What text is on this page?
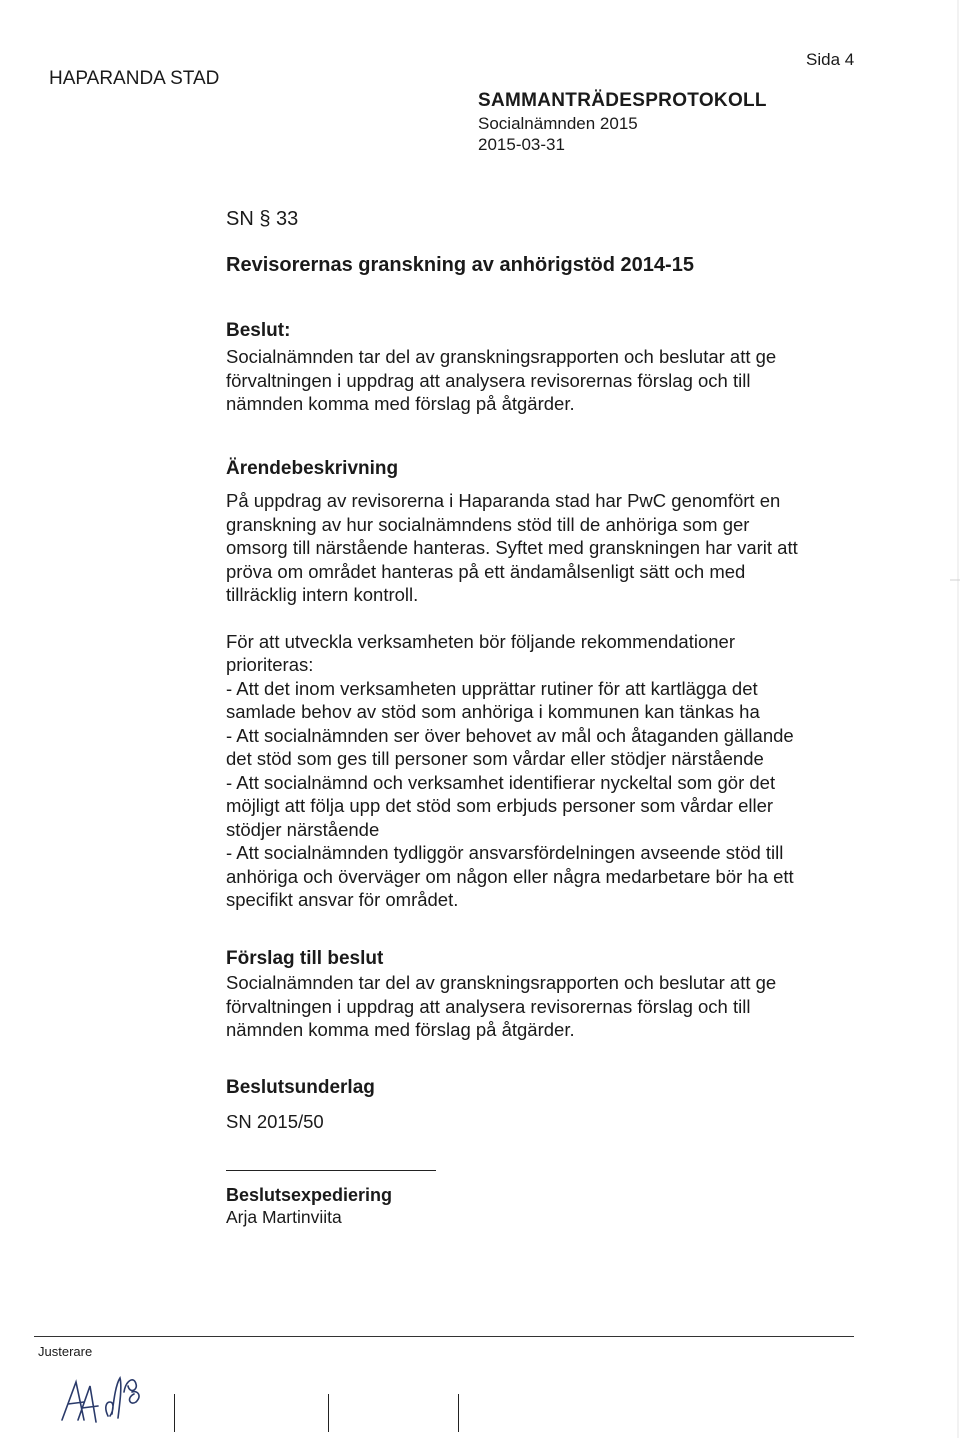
HAPARANDA STAD
Sida 4
SAMMANTRÄDESPROTOKOLL
Socialnämnden 2015
2015-03-31
SN § 33
Revisorernas granskning av anhörigstöd 2014-15

Beslut:

Socialnämnden tar del av granskningsrapporten och beslutar att ge
förvaltningen i uppdrag att analysera revisorernas förslag och till
nämnden komma med förslag på åtgärder.

Ärendebeskrivning

På uppdrag av revisorerna i Haparanda stad har PwC genomfört en
granskning av hur socialnämndens stöd till de anhöriga som ger
omsorg till närstående hanteras. Syftet med granskningen har varit att
pröva om området hanteras på ett ändamålsenligt sätt och med
tillräcklig intern kontroll.

För att utveckla verksamheten bör följande rekommendationer
prioriteras:
- Att det inom verksamheten upprättar rutiner för att kartlägga det
samlade behov av stöd som anhöriga i kommunen kan tänkas ha
- Att socialnämnden ser över behovet av mål och åtaganden gällande
det stöd som ges till personer som vårdar eller stödjer närstående
- Att socialnämnd och verksamhet identifierar nyckeltal som gör det
möjligt att följa upp det stöd som erbjuds personer som vårdar eller
stödjer närstående
- Att socialnämnden tydliggör ansvarsfördelningen avseende stöd till
anhöriga och överväger om någon eller några medarbetare bör ha ett
specifikt ansvar för området.

Förslag till beslut

Socialnämnden tar del av granskningsrapporten och beslutar att ge
förvaltningen i uppdrag att analysera revisorernas förslag och till
nämnden komma med förslag på åtgärder.

Beslutsunderlag

SN 2015/50

Beslutsexpediering

Arja Martinviita

Justerare
